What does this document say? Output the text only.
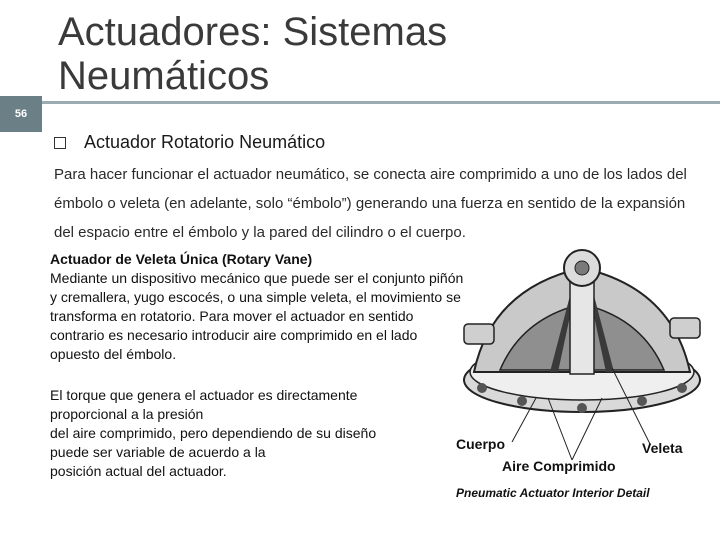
56
Actuadores: Sistemas
Neumáticos
Actuador Rotatorio Neumático
Para hacer funcionar el actuador neumático, se conecta aire comprimido a uno de los lados del émbolo o veleta (en adelante, solo “émbolo”) generando una fuerza en sentido de la expansión del espacio entre el émbolo y la pared del cilindro o el cuerpo.
Actuador de Veleta Única (Rotary Vane)
Mediante un dispositivo mecánico que puede ser el conjunto piñón y cremallera, yugo escocés, o una simple veleta, el movimiento se transforma en rotatorio. Para mover el actuador en sentido contrario es necesario introducir aire comprimido en el lado opuesto del émbolo.
El torque que genera el actuador es directamente
proporcional a la presión
del aire comprimido, pero dependiendo de su diseño
puede ser variable de acuerdo a la
posición actual del actuador.
Cuerpo	Veleta
Aire Comprimido
Pneumatic Actuator Interior Detail
